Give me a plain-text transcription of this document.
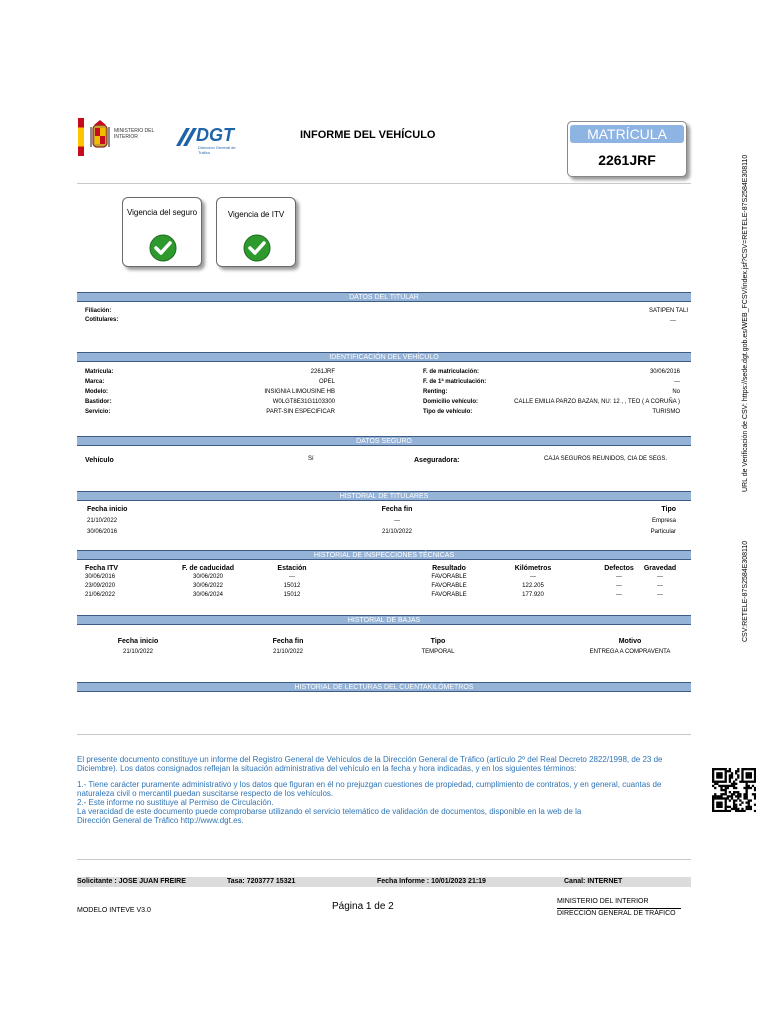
MINISTERIO DEL INTERIOR	DGT
Dirección General de Tráfico
INFORME DEL VEHÍCULO	MATRÍCULA
2261JRF
Vigencia del seguro	Vigencia de ITV
DATOS DEL TITULAR
Filiación:	SATIPEN TALI
Cotitulares:	---
IDENTIFICACIÓN DEL VEHÍCULO
Matrícula:	2261JRF
Marca:	OPEL
Modelo:	INSIGNIA LIMOUSINE HB
Bastidor:	W0LGT8E31G1103300
Servicio:	PART-SIN ESPECIFICAR
F. de matriculación:	30/06/2016
F. de 1ª matriculación:	---
Renting:	No
Domicilio vehículo:	CALLE EMILIA PARZO BAZAN, NU: 12 , , TEO ( A CORUÑA )
Tipo de vehículo:	TURISMO
DATOS SEGURO
Vehículo	Sí	Aseguradora:	CAJA SEGUROS REUNIDOS, CIA DE SEGS.
HISTORIAL DE TITULARES
Fecha inicio	Fecha fin	Tipo
21/10/2022	---	Empresa
30/06/2016	21/10/2022	Particular
HISTORIAL DE INSPECCIONES TÉCNICAS
Fecha ITV	F. de caducidad	Estación	Resultado	Kilómetros	Defectos	Gravedad
30/06/2016	30/06/2020	---	FAVORABLE	---	---	---
23/09/2020	30/06/2022	15012	FAVORABLE	122.205	---	---
21/06/2022	30/06/2024	15012	FAVORABLE	177.920	---	---
HISTORIAL DE BAJAS
Fecha inicio	Fecha fin	Tipo	Motivo
21/10/2022	21/10/2022	TEMPORAL	ENTREGA A COMPRAVENTA
HISTORIAL DE LECTURAS DEL CUENTAKILÓMETROS
El presente documento constituye un informe del Registro General de Vehículos de la Dirección General de Tráfico (artículo 2º del Real Decreto 2822/1998, de 23 de Diciembre). Los datos consignados reflejan la situación administrativa del vehículo en la fecha y hora indicadas, y en los siguientes términos:
1.- Tiene carácter puramente administrativo y los datos que figuran en él no prejuzgan cuestiones de propiedad, cumplimiento de contratos, y en general, cuantas de naturaleza civil o mercantil puedan suscitarse respecto de los vehículos.
2.- Este informe no sustituye al Permiso de Circulación.
La veracidad de este documento puede comprobarse utilizando el servicio telemático de validación de documentos, disponible en la web de la
Dirección General de Tráfico http://www.dgt.es.
Solicitante : JOSE JUAN FREIRE	Tasa: 7203777 15321	Fecha Informe : 10/01/2023 21:19	Canal: INTERNET
MODELO INTEVE V3.0	Página 1 de 2	MINISTERIO DEL INTERIOR
DIRECCIÓN GENERAL DE TRÁFICO
URL de Verificación de CSV: https://sede.dgt.gob.es/WEB_FCSV/index.jsf?CSV=RETELE-87S2584E308110
CSV:RETELE-87S2584E308110
